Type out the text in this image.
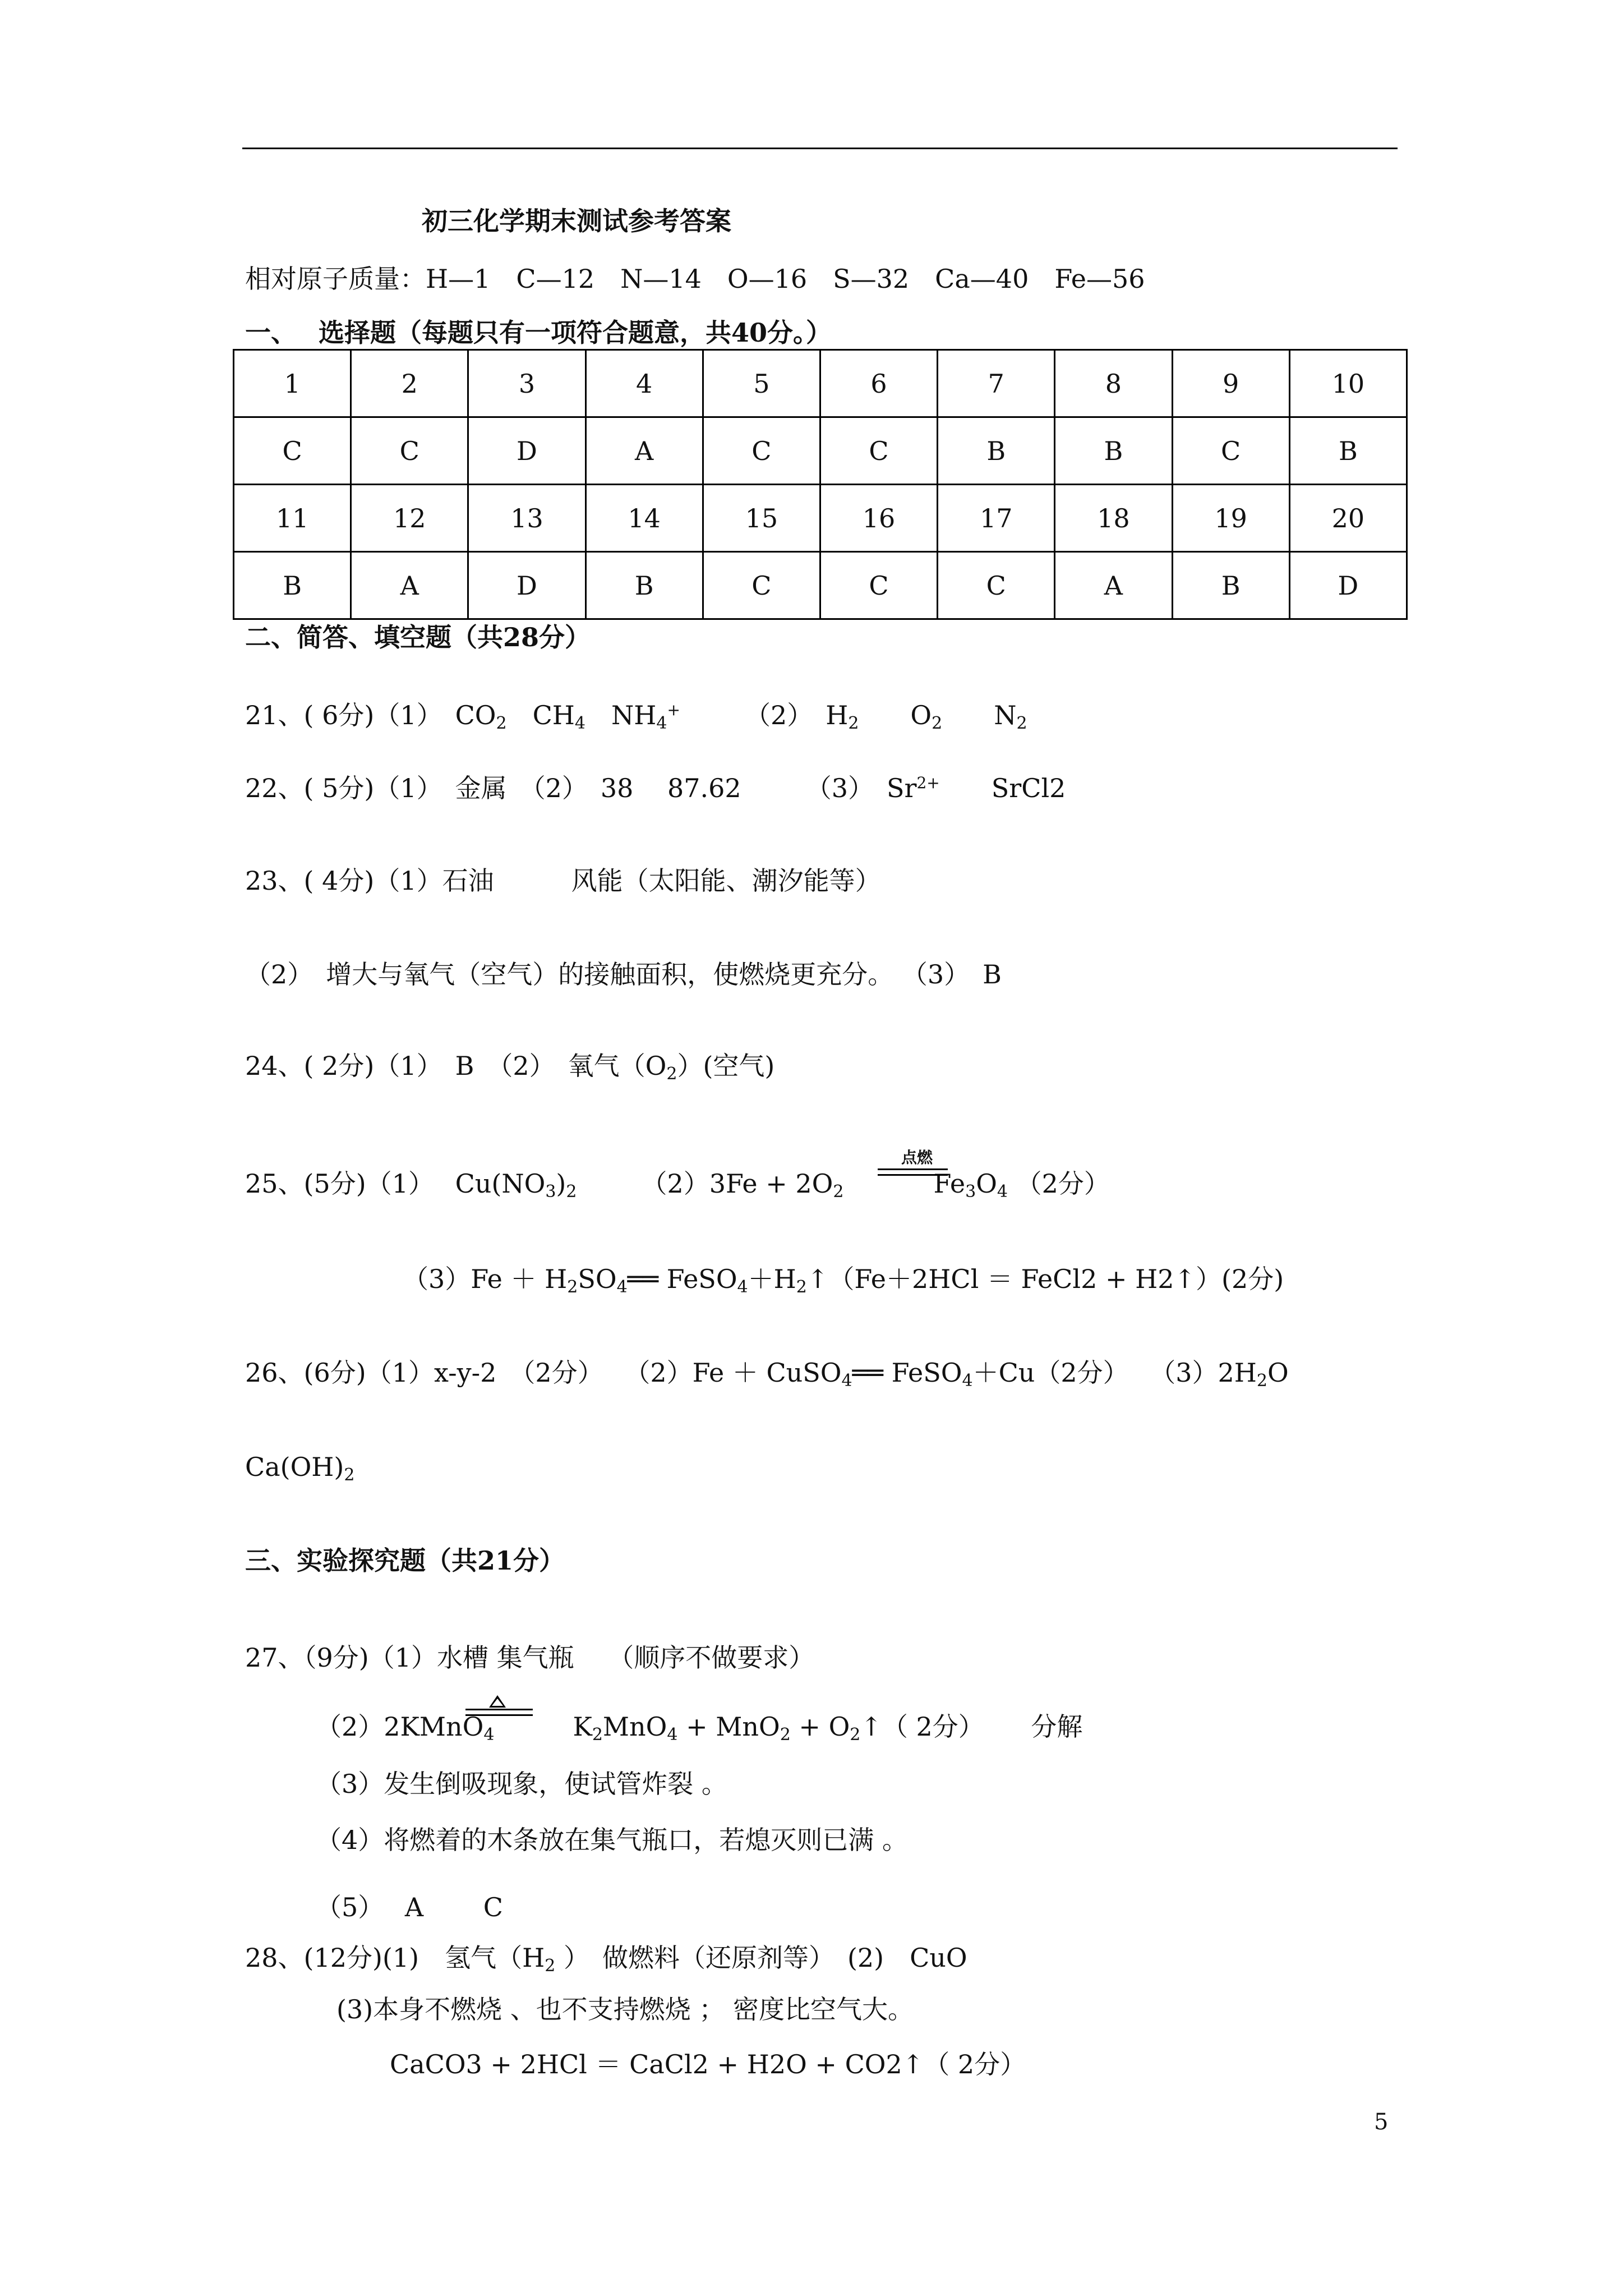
初三化学期末测试参考答案
相对原子质量：H—1　C—12　N—14　O—16　S—32　Ca—40　Fe—56
一、　 选择题（每题只有一项符合题意，共40分。）
1	2	3	4	5	6	7	8	9	10
C	C	D	A	C	C	B	B	C	B
11	12	13	14	15	16	17	18	19	20
B	A	D	B	C	C	C	A	B	D
二、简答、填空题（共28分）
21、( 6分)（1）　$CO_2$　$CH_4$　$NH_4^+$　　　（2）　$H_2$　　$O_2$　　$N_2$
22、( 5分)（1）　金属　（2）　38　 87.62　　　（3）　$Sr^{2+}$　　SrCl2
23、( 4分)（1）石油　　　风能（太阳能、潮汐能等）
（2）　增大与氧气（空气）的接触面积，使燃烧更充分。 （3）　B
24、( 2分)（1）　B　（2）　氧气$(O_2)$(空气)
25、(5分)（1）　 $Cu(NO_3)_2$　　　$(2)3Fe + 2O_2$	$Fe_3O_4$ （2分）
点燃
$(3)Fe + H_2SO_4══$ $FeSO_4+H_2↑(Fe+2HCl$ ＝ FeCl2 + H2↑）(2分)
26、(6分)（1）x-y-2　（2分）　 （2）Fe ＋ CuSO$_4$══ FeSO$_4$＋Cu（2分）　 $(3)2H_2O$
$Ca(OH)_2$
三、实验探究题（共21分）
27、（9分)（1）水槽 集气瓶　 （顺序不做要求）
（2）2KMnO$_4$	$K_2MnO_4 + MnO_2$ + $O_2↑$（ 2分）　　 分解
（3）发生倒吸现象，使试管炸裂 。
（4）将燃着的木条放在集气瓶口，若熄灭则已满 。
（5）　 A　　 C
28、(12分)(1)　氢气（$H_2$ ）　做燃料（还原剂等）　(2)　CuO
(3)本身不燃烧 、也不支持燃烧 ； 密度比空气大。
CaCO3 + 2HCl ＝ CaCl2 + H2O + CO2↑（ 2分）
5
